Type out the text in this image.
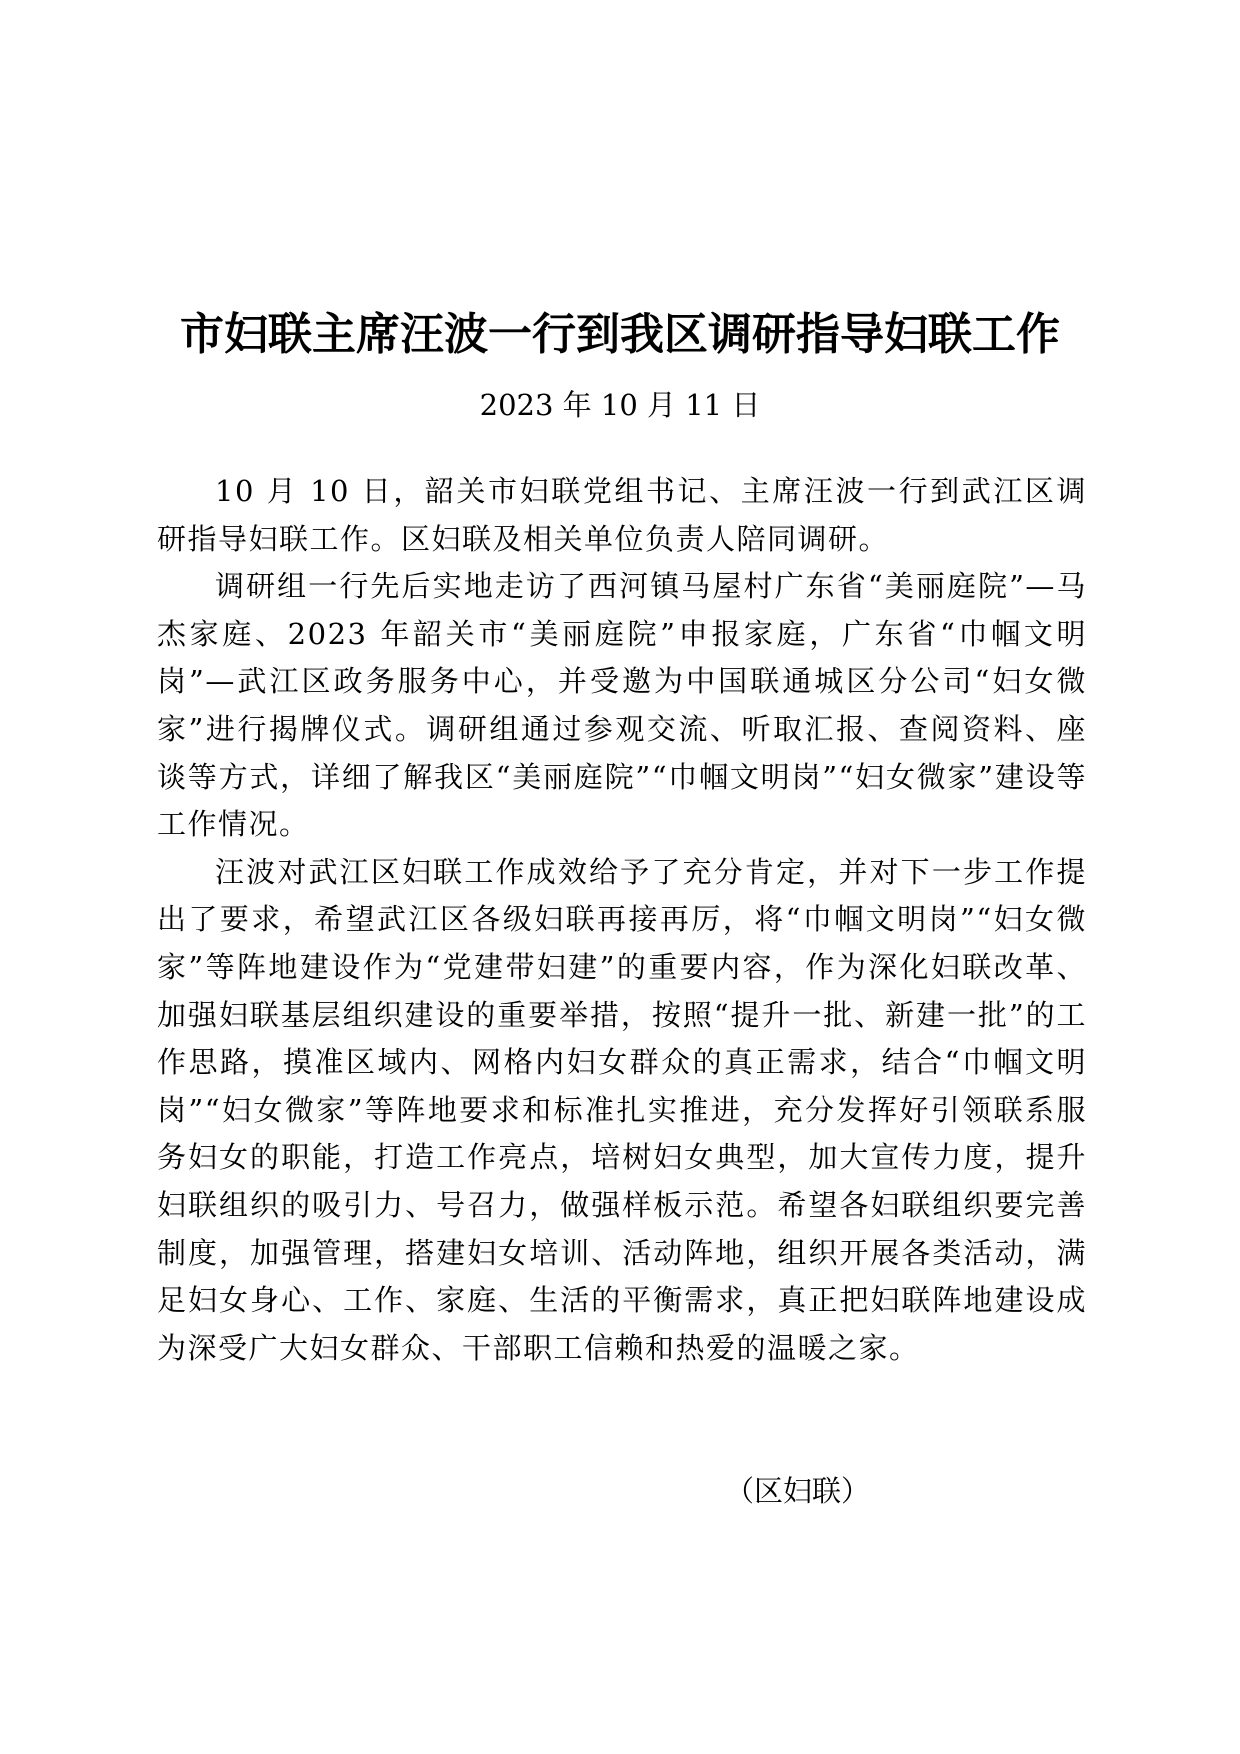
市妇联主席汪波一行到我区调研指导妇联工作
2023 年 10 月 11 日

10 月 10 日，韶关市妇联党组书记、主席汪波一行到武江区调研指导妇联工作。区妇联及相关单位负责人陪同调研。

调研组一行先后实地走访了西河镇马屋村广东省“美丽庭院”—马杰家庭、2023 年韶关市“美丽庭院”申报家庭，广东省“巾帼文明岗”—武江区政务服务中心，并受邀为中国联通城区分公司“妇女微家”进行揭牌仪式。调研组通过参观交流、听取汇报、查阅资料、座谈等方式，详细了解我区“美丽庭院”“巾帼文明岗”“妇女微家”建设等工作情况。

汪波对武江区妇联工作成效给予了充分肯定，并对下一步工作提出了要求，希望武江区各级妇联再接再厉，将“巾帼文明岗”“妇女微家”等阵地建设作为“党建带妇建”的重要内容，作为深化妇联改革、加强妇联基层组织建设的重要举措，按照“提升一批、新建一批”的工作思路，摸准区域内、网格内妇女群众的真正需求，结合“巾帼文明岗”“妇女微家”等阵地要求和标准扎实推进，充分发挥好引领联系服务妇女的职能，打造工作亮点，培树妇女典型，加大宣传力度，提升妇联组织的吸引力、号召力，做强样板示范。希望各妇联组织要完善制度，加强管理，搭建妇女培训、活动阵地，组织开展各类活动，满足妇女身心、工作、家庭、生活的平衡需求，真正把妇联阵地建设成为深受广大妇女群众、干部职工信赖和热爱的温暖之家。

（区妇联）
